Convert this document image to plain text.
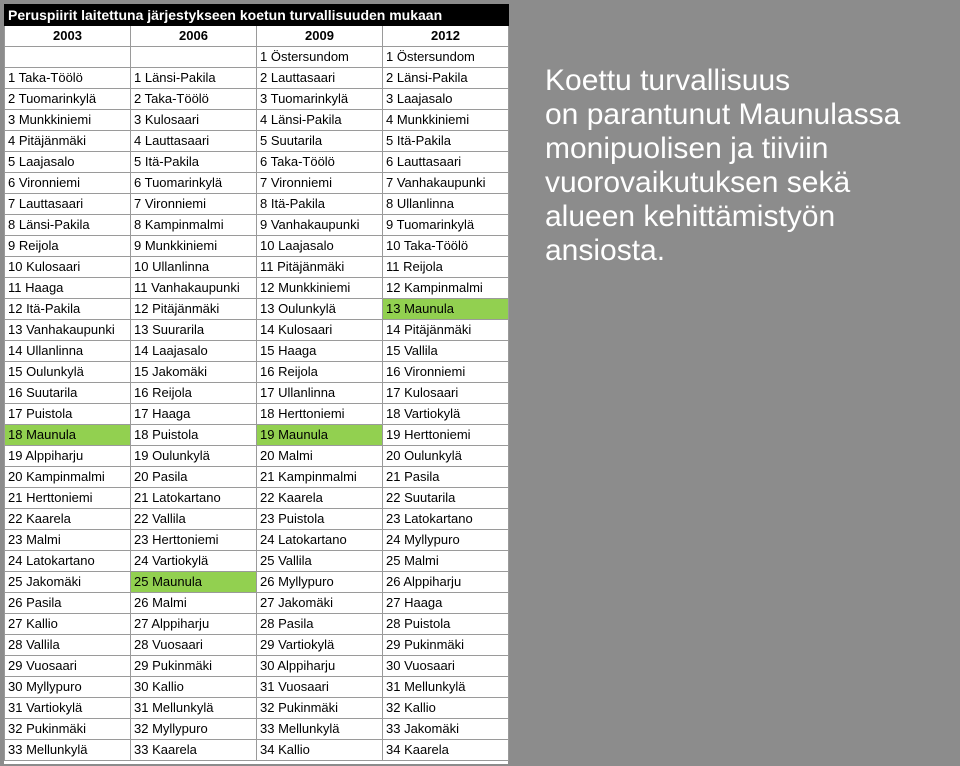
Peruspiirit laitettuna järjestykseen koetun turvallisuuden mukaan			
2003	2006	2009	2012
		1 Östersundom	1 Östersundom
1 Taka-Töölö	1 Länsi-Pakila	2 Lauttasaari	2 Länsi-Pakila
2 Tuomarinkylä	2 Taka-Töölö	3 Tuomarinkylä	3 Laajasalo
3 Munkkiniemi	3 Kulosaari	4 Länsi-Pakila	4 Munkkiniemi
4 Pitäjänmäki	4 Lauttasaari	5 Suutarila	5 Itä-Pakila
5 Laajasalo	5 Itä-Pakila	6 Taka-Töölö	6 Lauttasaari
6 Vironniemi	6 Tuomarinkylä	7 Vironniemi	7 Vanhakaupunki
7 Lauttasaari	7 Vironniemi	8 Itä-Pakila	8 Ullanlinna
8 Länsi-Pakila	8 Kampinmalmi	9 Vanhakaupunki	9 Tuomarinkylä
9 Reijola	9 Munkkiniemi	10 Laajasalo	10 Taka-Töölö
10 Kulosaari	10 Ullanlinna	11 Pitäjänmäki	11 Reijola
11 Haaga	11 Vanhakaupunki	12 Munkkiniemi	12 Kampinmalmi
12 Itä-Pakila	12 Pitäjänmäki	13 Oulunkylä	13 Maunula
13 Vanhakaupunki	13 Suurarila	14 Kulosaari	14 Pitäjänmäki
14 Ullanlinna	14 Laajasalo	15 Haaga	15 Vallila
15 Oulunkylä	15 Jakomäki	16 Reijola	16 Vironniemi
16 Suutarila	16 Reijola	17 Ullanlinna	17 Kulosaari
17 Puistola	17 Haaga	18 Herttoniemi	18 Vartiokylä
18 Maunula	18 Puistola	19 Maunula	19 Herttoniemi
19 Alppiharju	19 Oulunkylä	20 Malmi	20 Oulunkylä
20 Kampinmalmi	20 Pasila	21 Kampinmalmi	21 Pasila
21 Herttoniemi	21 Latokartano	22 Kaarela	22 Suutarila
22 Kaarela	22 Vallila	23 Puistola	23 Latokartano
23 Malmi	23 Herttoniemi	24 Latokartano	24 Myllypuro
24 Latokartano	24 Vartiokylä	25 Vallila	25 Malmi
25 Jakomäki	25 Maunula	26 Myllypuro	26 Alppiharju
26 Pasila	26 Malmi	27 Jakomäki	27 Haaga
27 Kallio	27 Alppiharju	28 Pasila	28 Puistola
28 Vallila	28 Vuosaari	29 Vartiokylä	29 Pukinmäki
29 Vuosaari	29 Pukinmäki	30 Alppiharju	30 Vuosaari
30 Myllypuro	30 Kallio	31 Vuosaari	31 Mellunkylä
31 Vartiokylä	31 Mellunkylä	32 Pukinmäki	32 Kallio
32 Pukinmäki	32 Myllypuro	33 Mellunkylä	33 Jakomäki
33 Mellunkylä	33 Kaarela	34 Kallio	34 Kaarela
Koettu turvallisuus
on parantunut Maunulassa
monipuolisen ja tiiviin
vuorovaikutuksen sekä
alueen kehittämistyön
ansiosta.
